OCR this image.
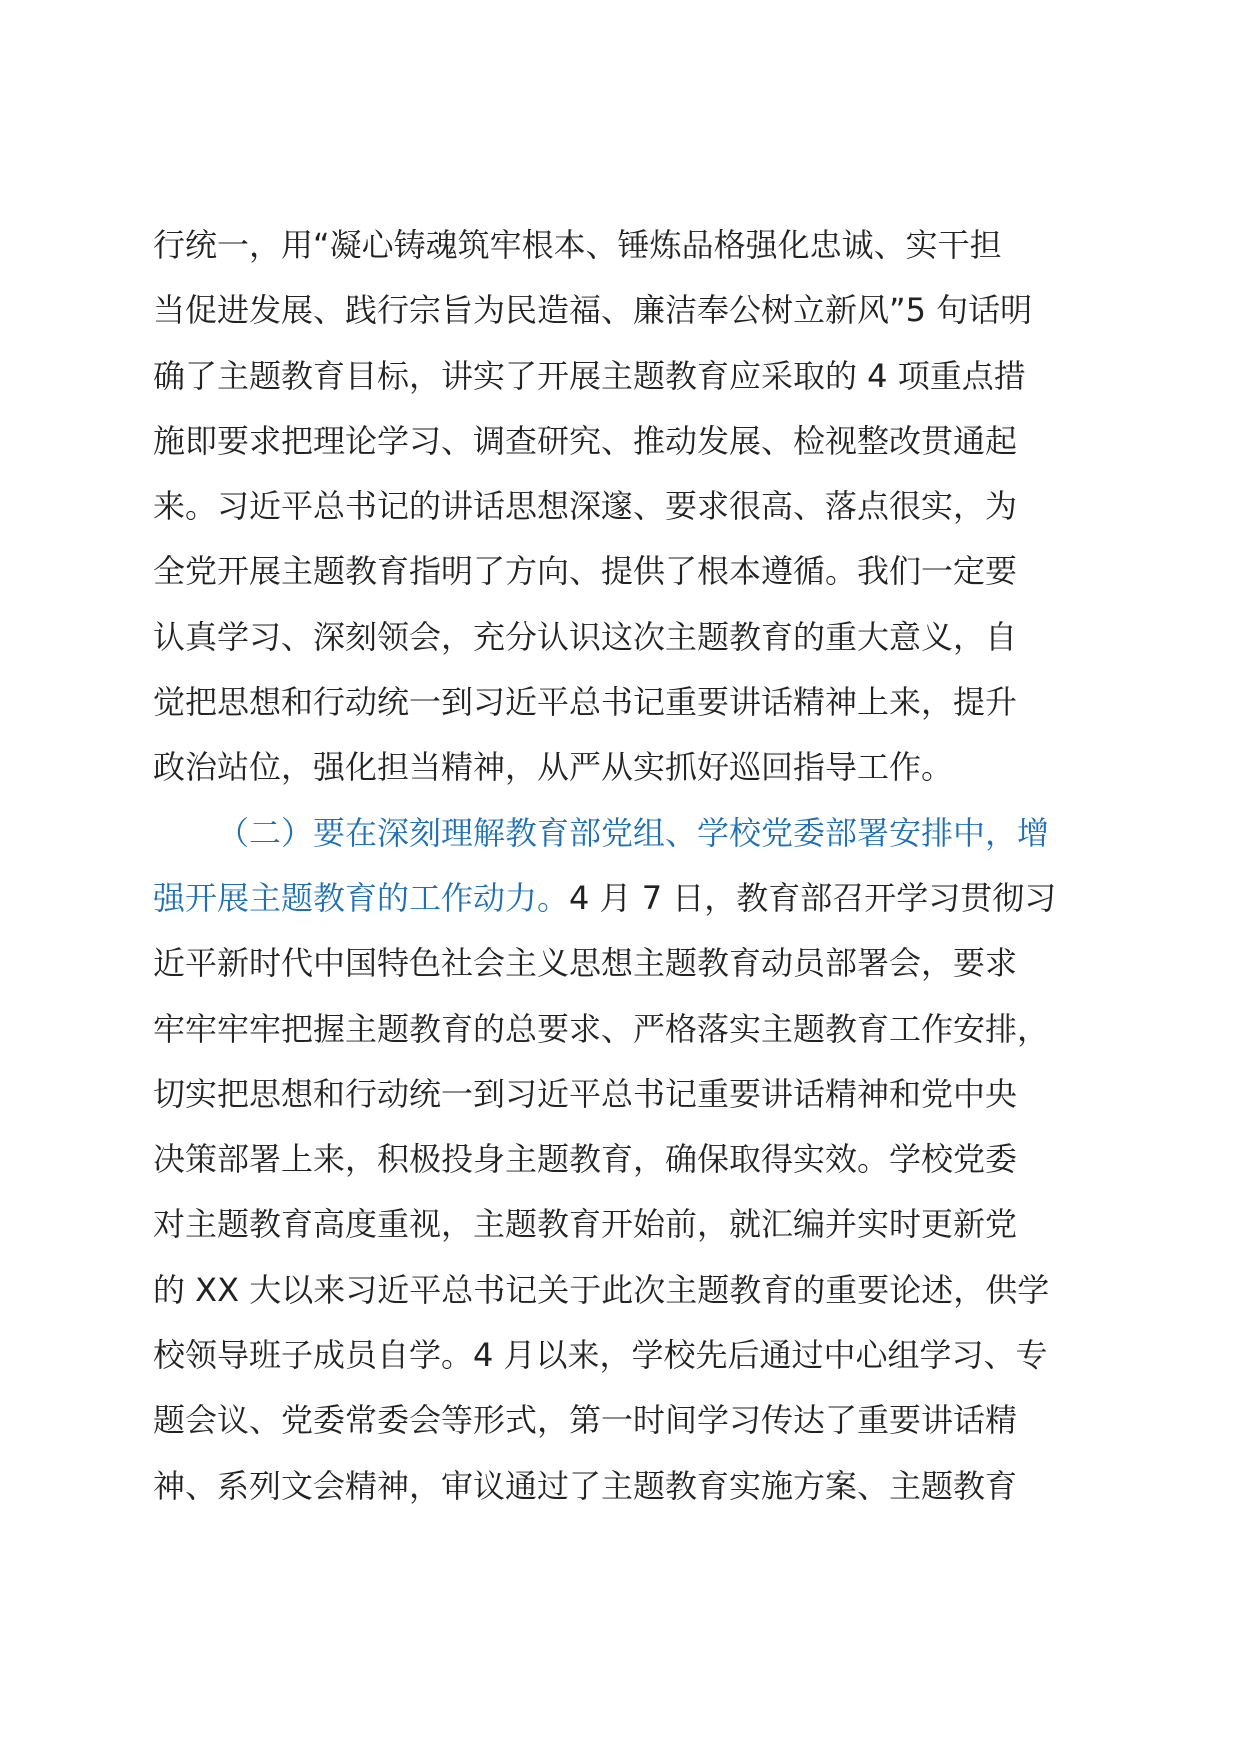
行统一，用“凝心铸魂筑牢根本、锤炼品格强化忠诚、实干担
当促进发展、践行宗旨为民造福、廉洁奉公树立新风”5 句话明
确了主题教育目标，讲实了开展主题教育应采取的 4 项重点措
施即要求把理论学习、调查研究、推动发展、检视整改贯通起
来。习近平总书记的讲话思想深邃、要求很高、落点很实，为
全党开展主题教育指明了方向、提供了根本遵循。我们一定要
认真学习、深刻领会，充分认识这次主题教育的重大意义，自
觉把思想和行动统一到习近平总书记重要讲话精神上来，提升
政治站位，强化担当精神，从严从实抓好巡回指导工作。
（二）要在深刻理解教育部党组、学校党委部署安排中，增
强开展主题教育的工作动力。4 月 7 日，教育部召开学习贯彻习
近平新时代中国特色社会主义思想主题教育动员部署会，要求
牢牢牢牢把握主题教育的总要求、严格落实主题教育工作安排，
切实把思想和行动统一到习近平总书记重要讲话精神和党中央
决策部署上来，积极投身主题教育，确保取得实效。学校党委
对主题教育高度重视，主题教育开始前，就汇编并实时更新党
的 XX 大以来习近平总书记关于此次主题教育的重要论述，供学
校领导班子成员自学。4 月以来，学校先后通过中心组学习、专
题会议、党委常委会等形式，第一时间学习传达了重要讲话精
神、系列文会精神，审议通过了主题教育实施方案、主题教育
